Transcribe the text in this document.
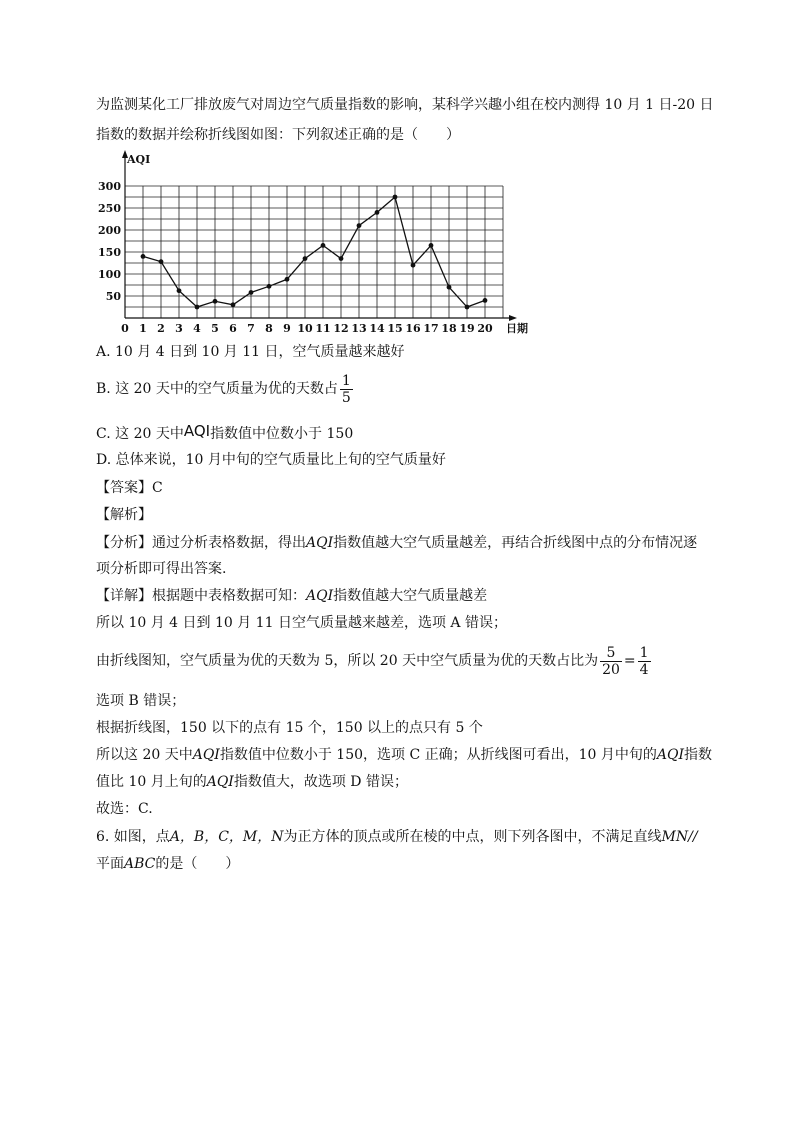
为监测某化工厂排放废气对周边空气质量指数的影响，某科学兴趣小组在校内测得 10 月 1 日-20 日
指数的数据并绘称折线图如图：下列叙述正确的是（　　）
AQI
日期
50
100
150
200
250
300
0 1 2 3 4 5 6 7 8 9 10 11 12 13 14 15 16 17 18 19 20
A. 10 月 4 日到 10 月 11 日，空气质量越来越好
B. 这 20 天中的空气质量为优的天数占 $\frac{1}{5}$
C. 这 20 天中AQI指数值中位数小于 150
D. 总体来说，10 月中旬的空气质量比上旬的空气质量好
【答案】C
【解析】
【分析】通过分析表格数据，得出AQI指数值越大空气质量越差，再结合折线图中点的分布情况逐
项分析即可得出答案.
【详解】根据题中表格数据可知：AQI指数值越大空气质量越差
所以 10 月 4 日到 10 月 11 日空气质量越来越差，选项 A 错误；
由折线图知，空气质量为优的天数为 5，所以 20 天中空气质量为优的天数占比为 $\frac{5}{20} = \frac{1}{4}$
选项 B 错误；
根据折线图，150 以下的点有 15 个，150 以上的点只有 5 个
所以这 20 天中AQI指数值中位数小于 150，选项 C 正确；从折线图可看出，10 月中旬的AQI指数
值比 10 月上旬的AQI指数值大，故选项 D 错误；
故选：C.
6. 如图，点A，B，C，M，N为正方体的顶点或所在棱的中点，则下列各图中，不满足直线MN//
平面ABC的是（　　）
